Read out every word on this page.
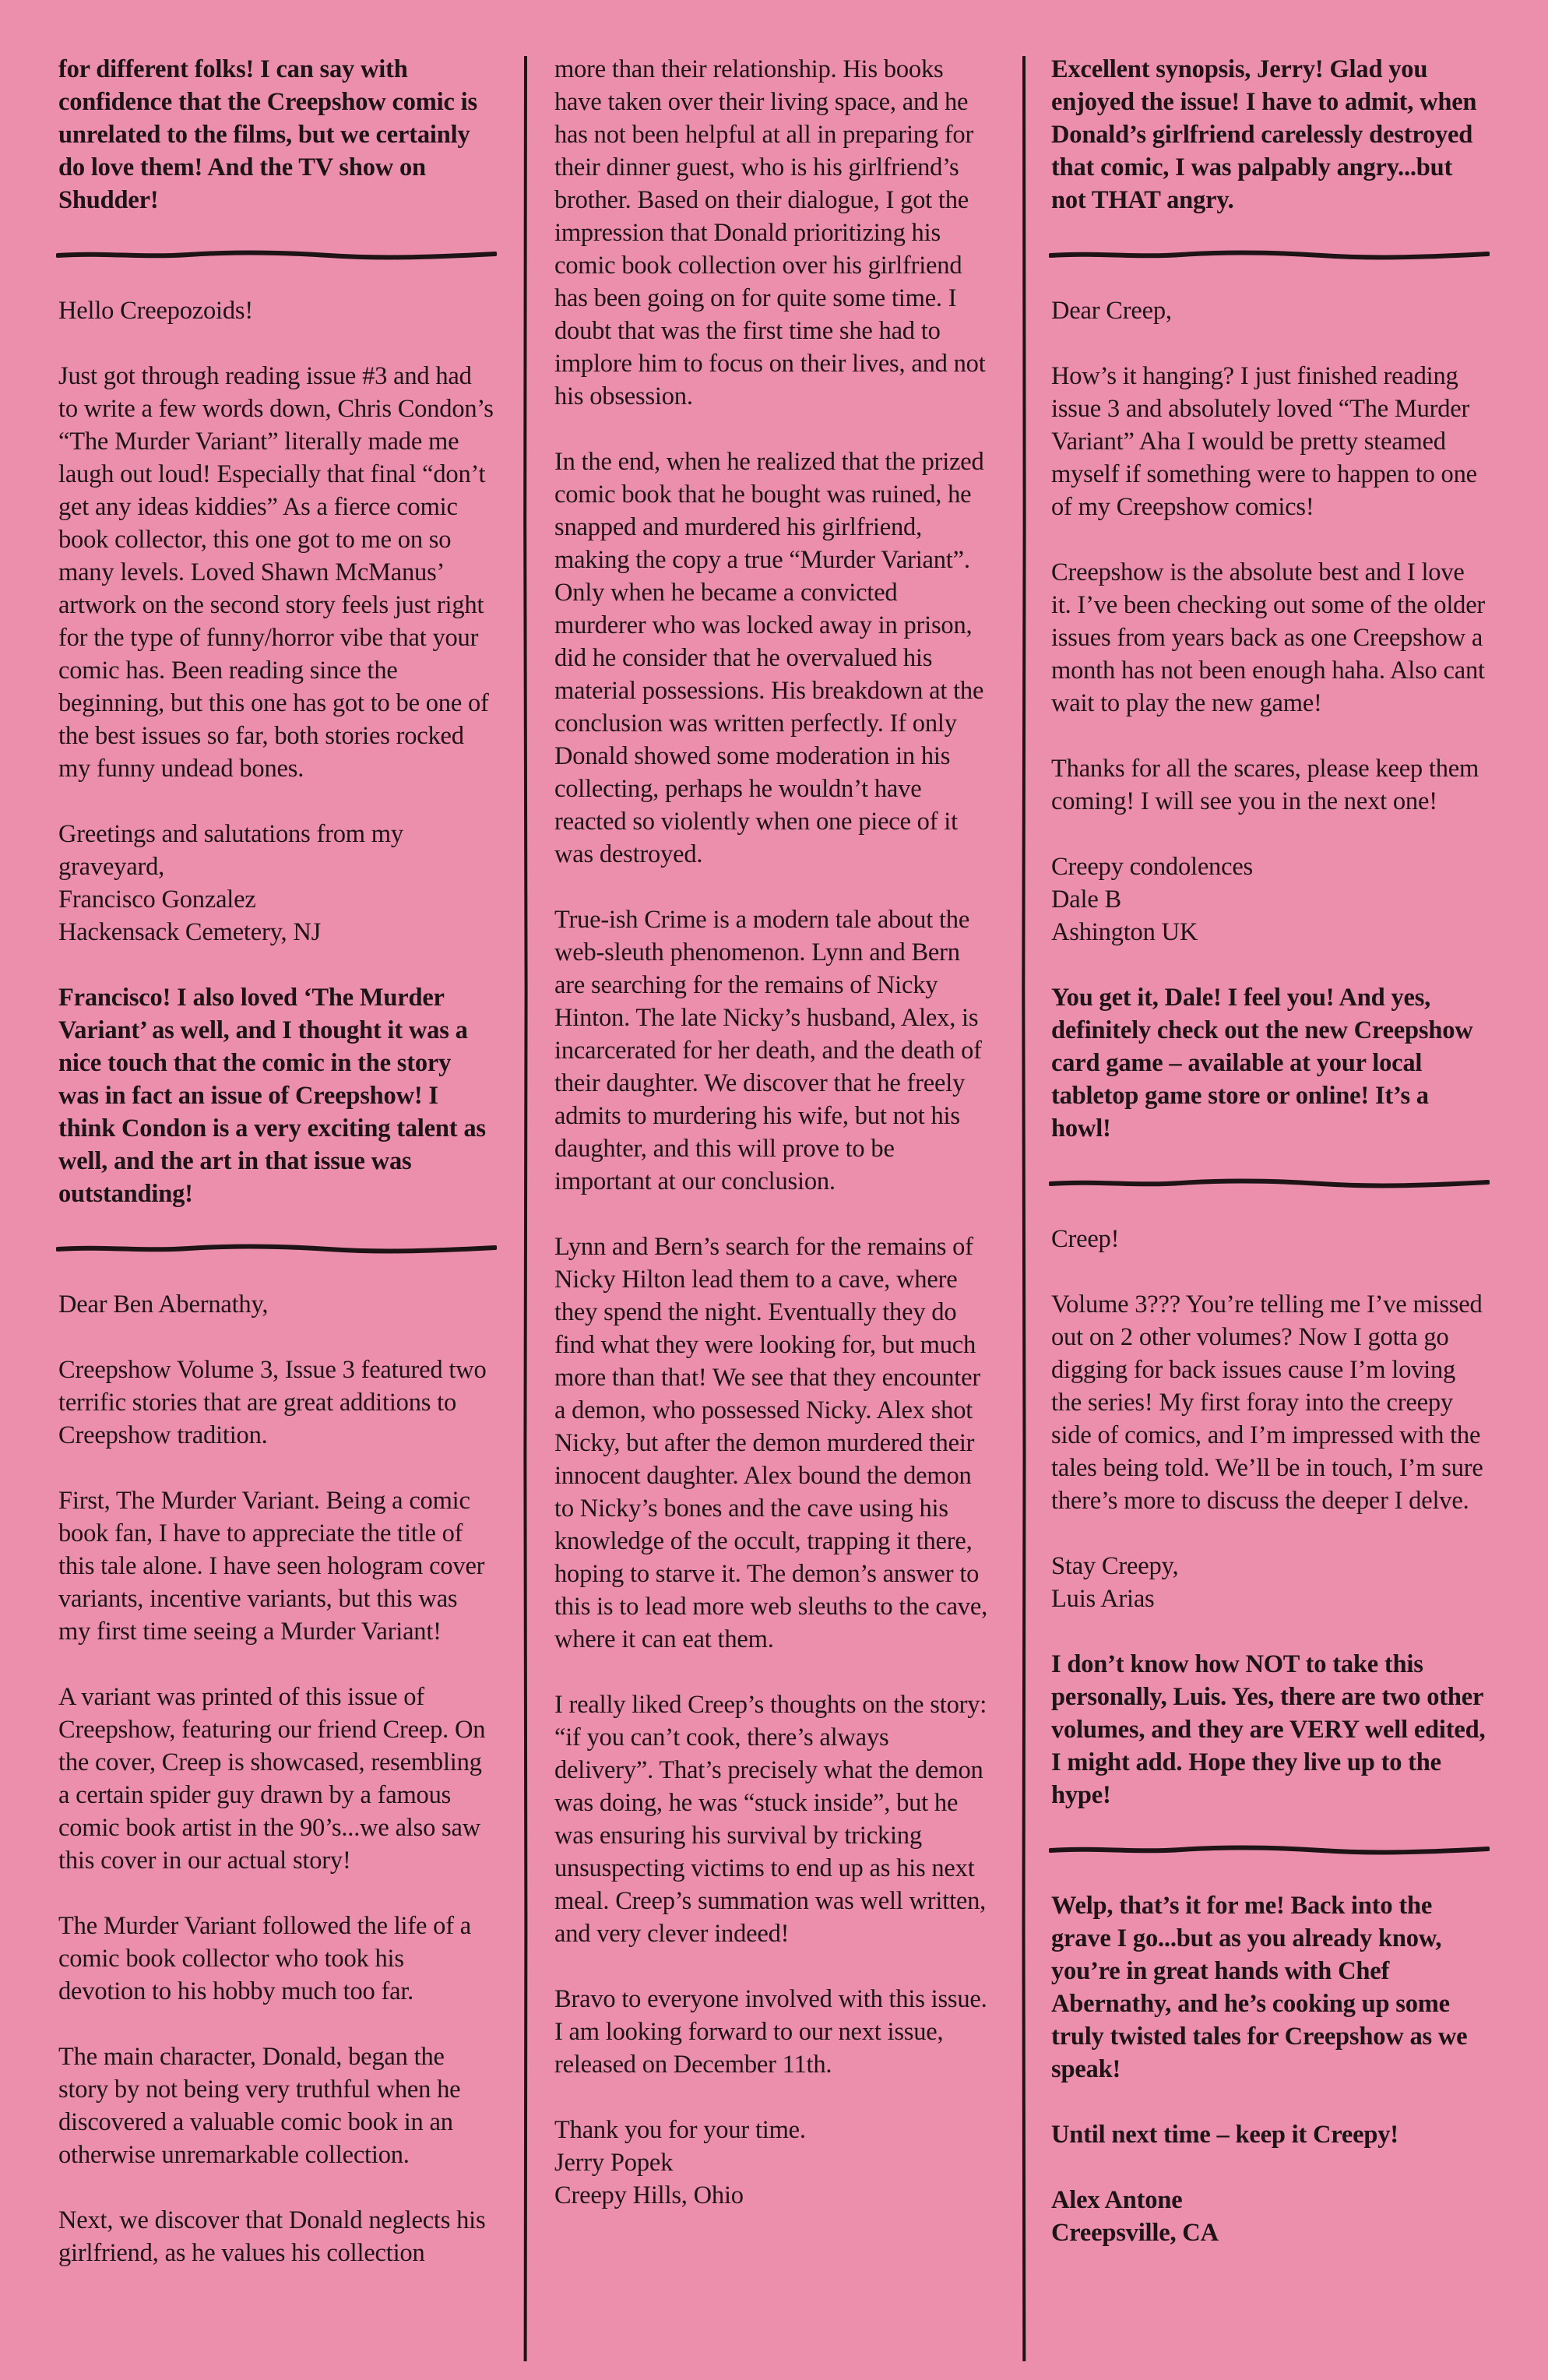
for different folks! I can say with confidence that the Creepshow comic is unrelated to the films, but we certainly do love them! And the TV show on Shudder!

Hello Creepozoids!

Just got through reading issue #3 and had to write a few words down, Chris Condon’s “The Murder Variant” literally made me laugh out loud! Especially that final “don’t get any ideas kiddies” As a fierce comic book collector, this one got to me on so many levels. Loved Shawn McManus’ artwork on the second story feels just right for the type of funny/horror vibe that your comic has. Been reading since the beginning, but this one has got to be one of the best issues so far, both stories rocked my funny undead bones.

Greetings and salutations from my graveyard,
Francisco Gonzalez
Hackensack Cemetery, NJ

Francisco! I also loved ‘The Murder Variant’ as well, and I thought it was a nice touch that the comic in the story was in fact an issue of Creepshow! I think Condon is a very exciting talent as well, and the art in that issue was outstanding!

Dear Ben Abernathy,

Creepshow Volume 3, Issue 3 featured two terrific stories that are great additions to Creepshow tradition.

First, The Murder Variant. Being a comic book fan, I have to appreciate the title of this tale alone. I have seen hologram cover variants, incentive variants, but this was my first time seeing a Murder Variant!

A variant was printed of this issue of Creepshow, featuring our friend Creep. On the cover, Creep is showcased, resembling a certain spider guy drawn by a famous comic book artist in the 90’s...we also saw this cover in our actual story!

The Murder Variant followed the life of a comic book collector who took his devotion to his hobby much too far.

The main character, Donald, began the story by not being very truthful when he discovered a valuable comic book in an otherwise unremarkable collection.

Next, we discover that Donald neglects his girlfriend, as he values his collection

more than their relationship. His books have taken over their living space, and he has not been helpful at all in preparing for their dinner guest, who is his girlfriend’s brother. Based on their dialogue, I got the impression that Donald prioritizing his comic book collection over his girlfriend has been going on for quite some time. I doubt that was the first time she had to implore him to focus on their lives, and not his obsession.

In the end, when he realized that the prized comic book that he bought was ruined, he snapped and murdered his girlfriend, making the copy a true “Murder Variant”. Only when he became a convicted murderer who was locked away in prison, did he consider that he overvalued his material possessions. His breakdown at the conclusion was written perfectly. If only Donald showed some moderation in his collecting, perhaps he wouldn’t have reacted so violently when one piece of it was destroyed.

True-ish Crime is a modern tale about the web-sleuth phenomenon. Lynn and Bern are searching for the remains of Nicky Hinton. The late Nicky’s husband, Alex, is incarcerated for her death, and the death of their daughter. We discover that he freely admits to murdering his wife, but not his daughter, and this will prove to be important at our conclusion.

Lynn and Bern’s search for the remains of Nicky Hilton lead them to a cave, where they spend the night. Eventually they do find what they were looking for, but much more than that! We see that they encounter a demon, who possessed Nicky. Alex shot Nicky, but after the demon murdered their innocent daughter. Alex bound the demon to Nicky’s bones and the cave using his knowledge of the occult, trapping it there, hoping to starve it. The demon’s answer to this is to lead more web sleuths to the cave, where it can eat them.

I really liked Creep’s thoughts on the story: “if you can’t cook, there’s always delivery”. That’s precisely what the demon was doing, he was “stuck inside”, but he was ensuring his survival by tricking unsuspecting victims to end up as his next meal. Creep’s summation was well written, and very clever indeed!

Bravo to everyone involved with this issue. I am looking forward to our next issue, released on December 11th.

Thank you for your time.
Jerry Popek
Creepy Hills, Ohio

Excellent synopsis, Jerry! Glad you enjoyed the issue! I have to admit, when Donald’s girlfriend carelessly destroyed that comic, I was palpably angry...but not THAT angry.

Dear Creep,

How’s it hanging? I just finished reading issue 3 and absolutely loved “The Murder Variant” Aha I would be pretty steamed myself if something were to happen to one of my Creepshow comics!

Creepshow is the absolute best and I love it. I’ve been checking out some of the older issues from years back as one Creepshow a month has not been enough haha. Also cant wait to play the new game!

Thanks for all the scares, please keep them coming! I will see you in the next one!

Creepy condolences
Dale B
Ashington UK

You get it, Dale! I feel you! And yes, definitely check out the new Creepshow card game – available at your local tabletop game store or online! It’s a howl!

Creep!

Volume 3??? You’re telling me I’ve missed out on 2 other volumes? Now I gotta go digging for back issues cause I’m loving the series! My first foray into the creepy side of comics, and I’m impressed with the tales being told. We’ll be in touch, I’m sure there’s more to discuss the deeper I delve.

Stay Creepy,
Luis Arias

I don’t know how NOT to take this personally, Luis. Yes, there are two other volumes, and they are VERY well edited, I might add. Hope they live up to the hype!

Welp, that’s it for me! Back into the grave I go...but as you already know, you’re in great hands with Chef Abernathy, and he’s cooking up some truly twisted tales for Creepshow as we speak!

Until next time – keep it Creepy!

Alex Antone
Creepsville, CA
